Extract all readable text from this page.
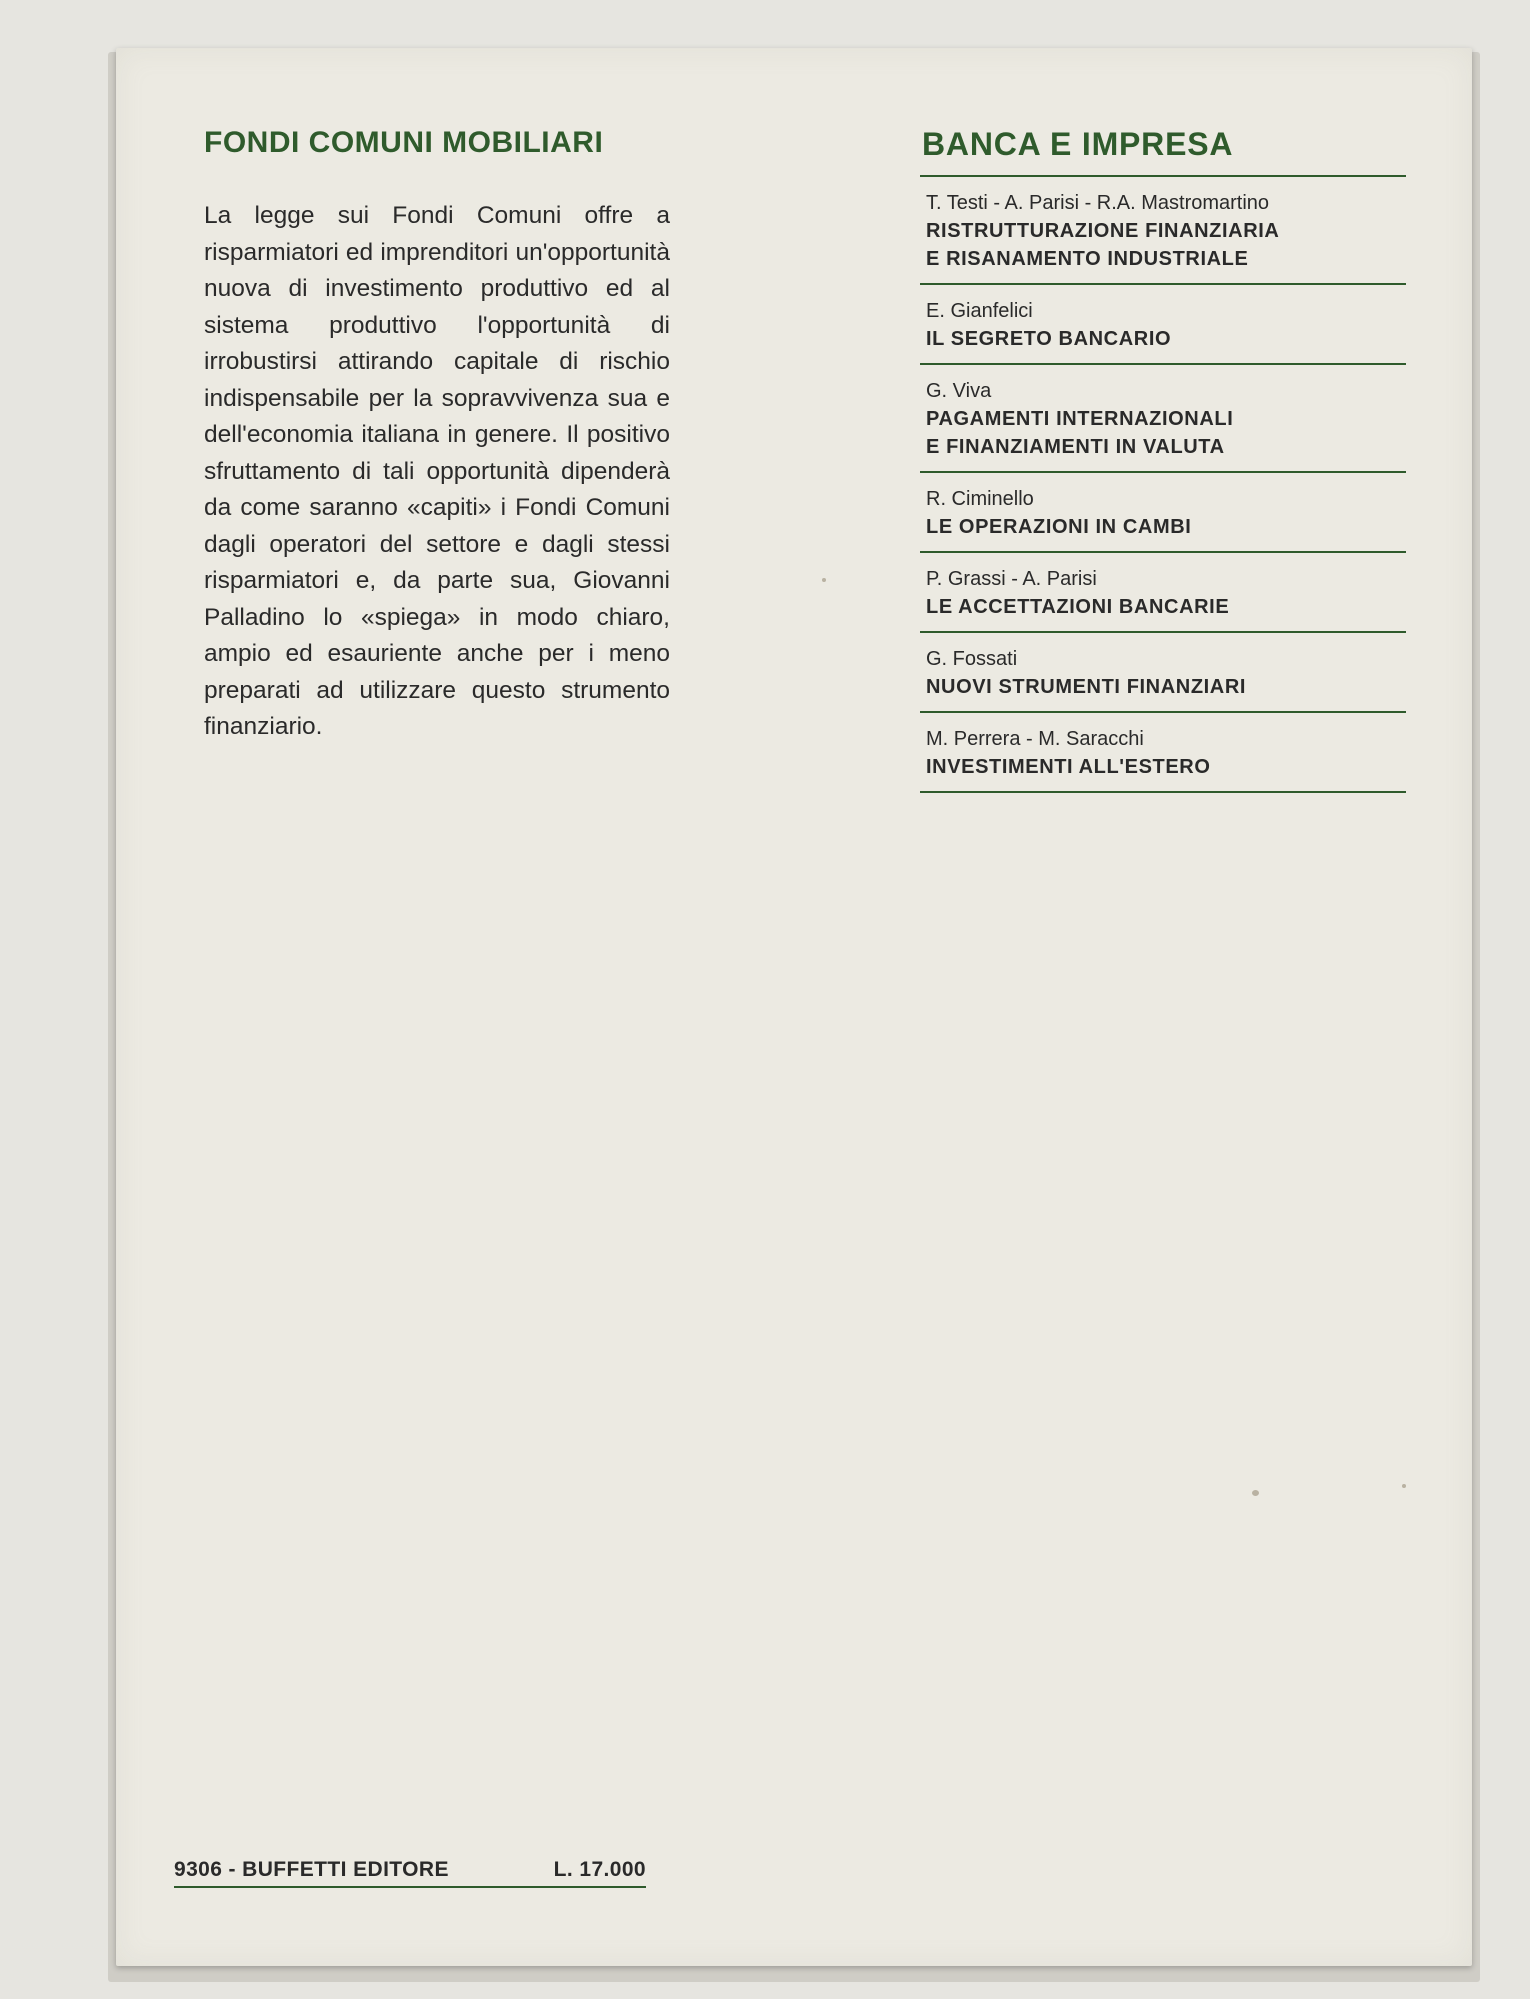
FONDI COMUNI MOBILIARI

La legge sui Fondi Comuni offre a risparmiatori ed imprenditori un'opportunità nuova di investimento produttivo ed al sistema produttivo l'opportunità di irrobustirsi attirando capitale di rischio indispensabile per la sopravvivenza sua e dell'economia italiana in genere. Il positivo sfruttamento di tali opportunità dipenderà da come saranno «capiti» i Fondi Comuni dagli operatori del settore e dagli stessi risparmiatori e, da parte sua, Giovanni Palladino lo «spiega» in modo chiaro, ampio ed esauriente anche per i meno preparati ad utilizzare questo strumento finanziario.

BANCA E IMPRESA
T. Testi - A. Parisi - R.A. Mastromartino
RISTRUTTURAZIONE FINANZIARIA
E RISANAMENTO INDUSTRIALE
E. Gianfelici
IL SEGRETO BANCARIO
G. Viva
PAGAMENTI INTERNAZIONALI
E FINANZIAMENTI IN VALUTA
R. Ciminello
LE OPERAZIONI IN CAMBI
P. Grassi - A. Parisi
LE ACCETTAZIONI BANCARIE
G. Fossati
NUOVI STRUMENTI FINANZIARI
M. Perrera - M. Saracchi
INVESTIMENTI ALL'ESTERO
9306 - BUFFETTI EDITORE	L. 17.000
